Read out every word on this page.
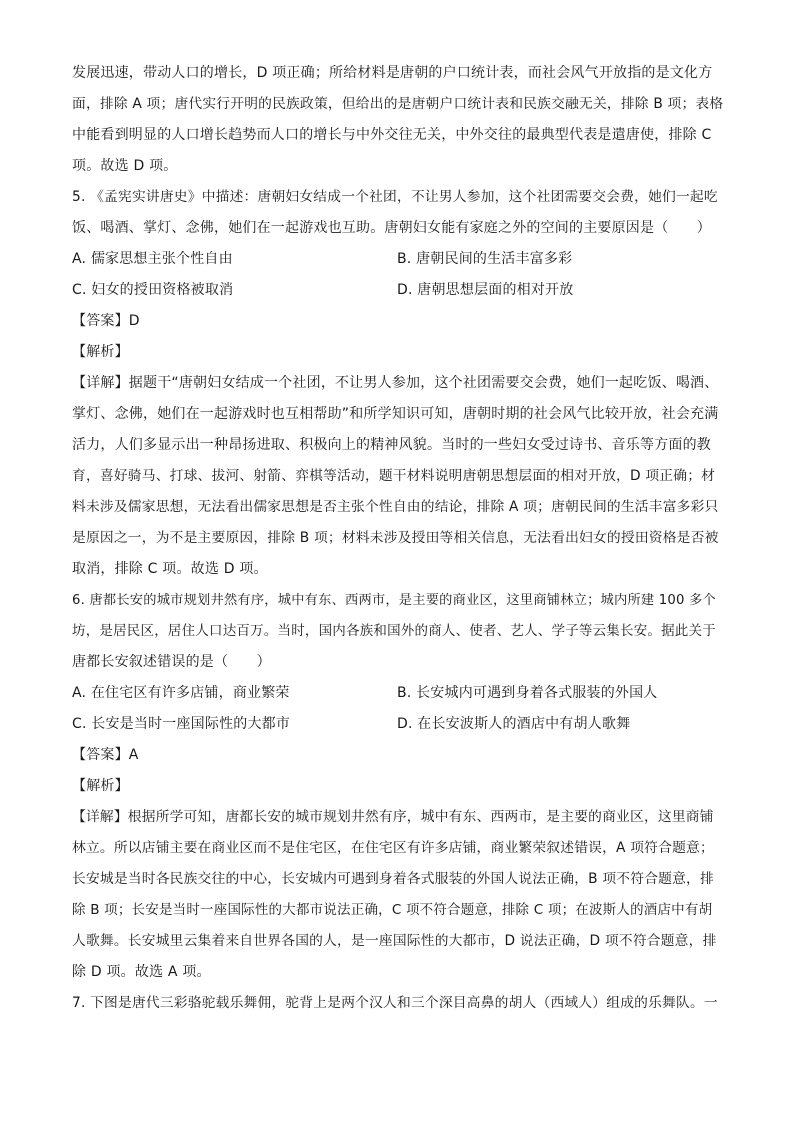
发展迅速，带动人口的增长，D 项正确；所给材料是唐朝的户口统计表，而社会风气开放指的是文化方
面，排除 A 项；唐代实行开明的民族政策，但给出的是唐朝户口统计表和民族交融无关，排除 B 项；表格
中能看到明显的人口增长趋势而人口的增长与中外交往无关，中外交往的最典型代表是遣唐使，排除 C
项。故选 D 项。
5. 《孟宪实讲唐史》中描述：唐朝妇女结成一个社团，不让男人参加，这个社团需要交会费，她们一起吃
饭、喝酒、掌灯、念佛，她们在一起游戏也互助。唐朝妇女能有家庭之外的空间的主要原因是（　　）
A. 儒家思想主张个性自由	B. 唐朝民间的生活丰富多彩
C. 妇女的授田资格被取消	D. 唐朝思想层面的相对开放
【答案】D
【解析】
【详解】据题干“唐朝妇女结成一个社团，不让男人参加，这个社团需要交会费，她们一起吃饭、喝酒、
掌灯、念佛，她们在一起游戏时也互相帮助”和所学知识可知，唐朝时期的社会风气比较开放，社会充满
活力，人们多显示出一种昂扬进取、积极向上的精神风貌。当时的一些妇女受过诗书、音乐等方面的教
育，喜好骑马、打球、拔河、射箭、弈棋等活动，题干材料说明唐朝思想层面的相对开放，D 项正确；材
料未涉及儒家思想，无法看出儒家思想是否主张个性自由的结论，排除 A 项；唐朝民间的生活丰富多彩只
是原因之一，为不是主要原因，排除 B 项；材料未涉及授田等相关信息，无法看出妇女的授田资格是否被
取消，排除 C 项。故选 D 项。
6. 唐都长安的城市规划井然有序，城中有东、西两市，是主要的商业区，这里商铺林立；城内所建 100 多个
坊，是居民区，居住人口达百万。当时，国内各族和国外的商人、使者、艺人、学子等云集长安。据此关于
唐都长安叙述错误的是（　　）
A. 在住宅区有许多店铺，商业繁荣	B. 长安城内可遇到身着各式服装的外国人
C. 长安是当时一座国际性的大都市	D. 在长安波斯人的酒店中有胡人歌舞
【答案】A
【解析】
【详解】根据所学可知，唐都长安的城市规划井然有序，城中有东、西两市，是主要的商业区，这里商铺
林立。所以店铺主要在商业区而不是住宅区，在住宅区有许多店铺，商业繁荣叙述错误，A 项符合题意；
长安城是当时各民族交往的中心，长安城内可遇到身着各式服装的外国人说法正确，B 项不符合题意，排
除 B 项；长安是当时一座国际性的大都市说法正确，C 项不符合题意，排除 C 项；在波斯人的酒店中有胡
人歌舞。长安城里云集着来自世界各国的人，是一座国际性的大都市，D 说法正确，D 项不符合题意，排
除 D 项。故选 A 项。
7. 下图是唐代三彩骆驼载乐舞佣，驼背上是两个汉人和三个深目高鼻的胡人（西域人）组成的乐舞队。一
